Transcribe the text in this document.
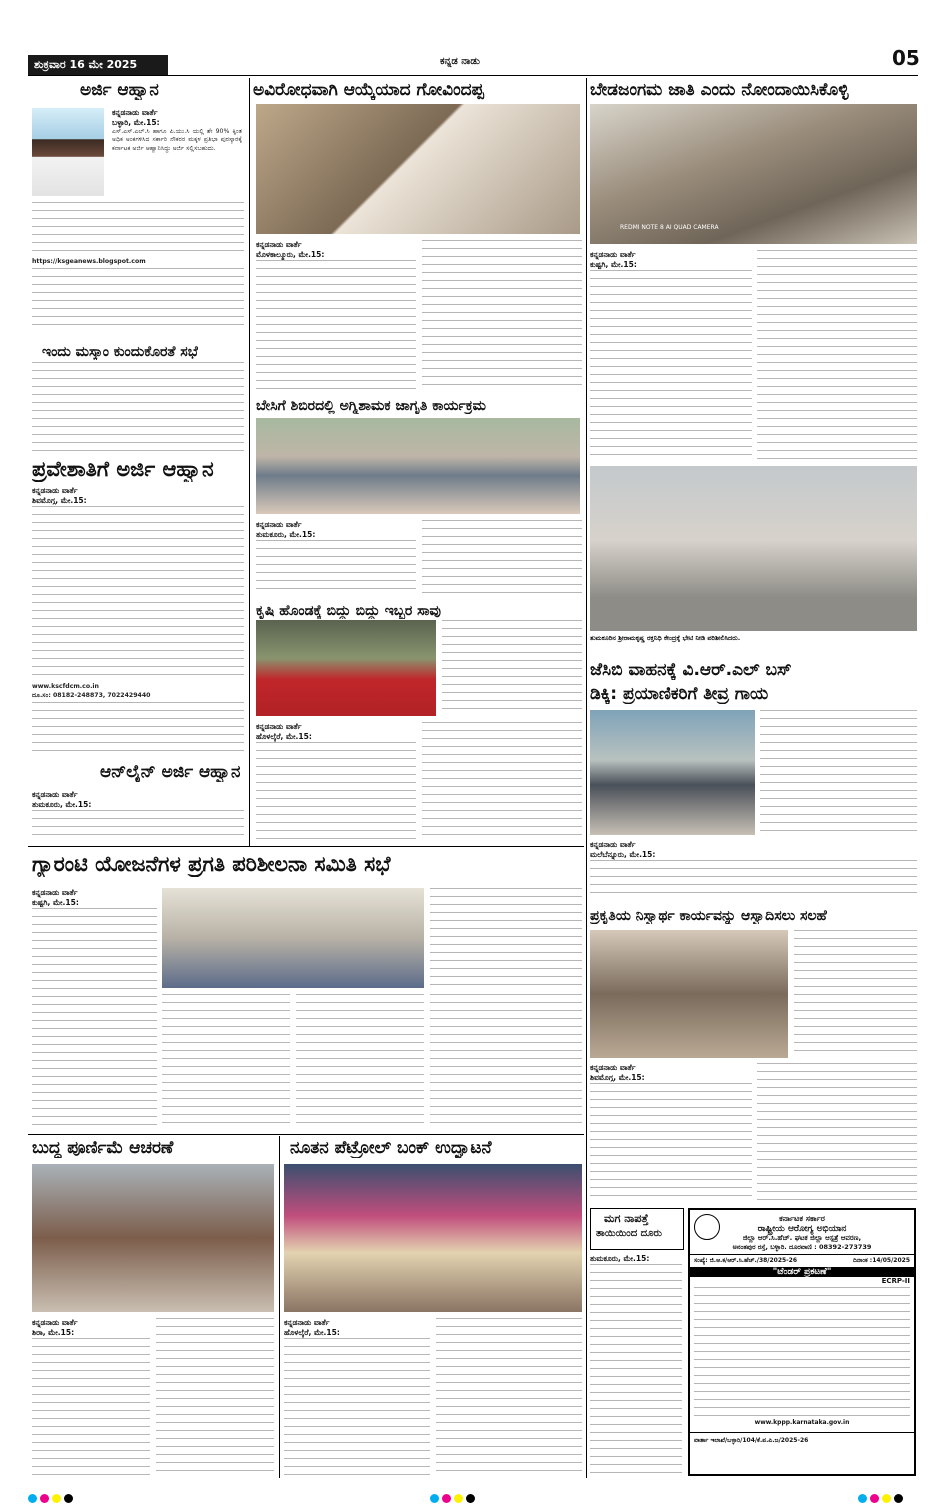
ಶುಕ್ರವಾರ 16 ಮೇ 2025	ಕನ್ನಡ ನಾಡು	05
ಅರ್ಜಿ ಆಹ್ವಾನ
ಕನ್ನಡನಾಡು ವಾರ್ತೆ
ಬಳ್ಳಾರಿ, ಮೇ.15:
ಎಸ್.ಎಸ್.ಎಲ್.ಸಿ ಹಾಗೂ ಪಿ.ಯು.ಸಿ ಯಲ್ಲಿ ಶೇ 90% ಕ್ಕಿಂತ ಅಧಿಕ ಅಂಕಗಳಿಸಿದ ಸರ್ಕಾರಿ ನೌಕರರ ಮಕ್ಕಳ ಪ್ರತಿಭಾ ಪುರಸ್ಕಾರಕ್ಕೆ ಕರ್ನಾಟಕ ಅರ್ಜಿ ಆಹ್ವಾನಿಸಿದ್ದು ಅರ್ಜಿ ಸಲ್ಲಿಸಬಹುದು.
https://ksgeanews.blogspot.com
ಇಂದು ಮಸ್ಕಾಂ ಕುಂದುಕೊರತೆ ಸಭೆ
ಪ್ರವೇಶಾತಿಗೆ ಅರ್ಜಿ ಆಹ್ವಾನ
ಕನ್ನಡನಾಡು ವಾರ್ತೆ
ಶಿವಮೊಗ್ಗ, ಮೇ.15:
www.kscfdcm.co.in
ದೂ.ಸಂ: 08182-248873, 7022429440
ಆನ್‌ಲೈನ್ ಅರ್ಜಿ ಆಹ್ವಾನ
ಕನ್ನಡನಾಡು ವಾರ್ತೆ
ತುಮಕೂರು, ಮೇ.15:
ಅವಿರೋಧವಾಗಿ ಆಯ್ಕೆಯಾದ ಗೋವಿಂದಪ್ಪ
ಕನ್ನಡನಾಡು ವಾರ್ತೆ
ಮೊಳಕಾಲ್ಮೂರು, ಮೇ.15:
ಬೇಡಜಂಗಮ ಜಾತಿ ಎಂದು ನೋಂದಾಯಿಸಿಕೊಳ್ಳಿ
REDMI NOTE 8 AI QUAD CAMERA
ಕನ್ನಡನಾಡು ವಾರ್ತೆ
ಕುಷ್ಟಗಿ, ಮೇ.15:
ಬೇಸಿಗೆ ಶಿಬಿರದಲ್ಲಿ ಅಗ್ನಿಶಾಮಕ ಜಾಗೃತಿ ಕಾರ್ಯಕ್ರಮ
ಕನ್ನಡನಾಡು ವಾರ್ತೆ
ತುಮಕೂರು, ಮೇ.15:
ತುಮಕೂರಿನ ಶ್ರೀರಾಮಕೃಷ್ಣ ರಕ್ತನಿಧಿ ಕೇಂದ್ರಕ್ಕೆ ಭೇಟಿ ನೀಡಿ ಪರಿಶೀಲಿಸಿದರು.
ಕೃಷಿ ಹೊಂಡಕ್ಕೆ ಬಿದ್ದು ಬಿದ್ದು ಇಬ್ಬರ ಸಾವು
ಕನ್ನಡನಾಡು ವಾರ್ತೆ
ಹೊಳಲ್ಕೆರೆ, ಮೇ.15:
ಜೆಸಿಬಿ ವಾಹನಕ್ಕೆ ವಿ.ಆರ್.ಎಲ್ ಬಸ್
ಡಿಕ್ಕಿ: ಪ್ರಯಾಣಿಕರಿಗೆ ತೀವ್ರ ಗಾಯ
ಕನ್ನಡನಾಡು ವಾರ್ತೆ
ಮಲೆಬೆನ್ನೂರು, ಮೇ.15:
ಗ್ಯಾರಂಟಿ ಯೋಜನೆಗಳ ಪ್ರಗತಿ ಪರಿಶೀಲನಾ ಸಮಿತಿ ಸಭೆ
ಕನ್ನಡನಾಡು ವಾರ್ತೆ
ಕುಷ್ಟಗಿ, ಮೇ.15:
ಪ್ರಕೃತಿಯ ನಿಸ್ವಾರ್ಥ ಕಾರ್ಯವನ್ನು ಆಸ್ವಾದಿಸಲು ಸಲಹೆ
ಕನ್ನಡನಾಡು ವಾರ್ತೆ
ಶಿವಮೊಗ್ಗ, ಮೇ.15:
ಬುದ್ಧ ಪೂರ್ಣಿಮೆ ಆಚರಣೆ
ಕನ್ನಡನಾಡು ವಾರ್ತೆ
ಶಿರಾ, ಮೇ.15:
ನೂತನ ಪೆಟ್ರೋಲ್ ಬಂಕ್ ಉದ್ಘಾಟನೆ
ಕನ್ನಡನಾಡು ವಾರ್ತೆ
ಹೊಳಲ್ಕೆರೆ, ಮೇ.15:
ಮಗ ನಾಪತ್ತೆ
ತಾಯಿಯಿಂದ ದೂರು
ತುಮಕೂರು, ಮೇ.15:
ಕರ್ನಾಟಕ ಸರ್ಕಾರ
ರಾಷ್ಟ್ರೀಯ ಆರೋಗ್ಯ ಅಭಿಯಾನ
ಜಿಲ್ಲಾ ಆರ್.ಸಿ.ಹೆಚ್. ಘಟಕ ಜಿಲ್ಲಾ ಆಸ್ಪತ್ರೆ ಆವರಣ,
ಅನಂತಪುರ ರಸ್ತೆ, ಬಳ್ಳಾರಿ. ದೂರವಾಣಿ : 08392-273739
ಸಂಖ್ಯೆ: ಜಿ.ಆ.ಕ/ಆರ್.ಸಿ.ಹೆಚ್./38/2025-26	ದಿನಾಂಕ :14/05/2025
"ಟೆಂಡರ್ ಪ್ರಕಟಣೆ"
ECRP-II
www.kppp.karnataka.gov.in
ವಾರ್ತಾ ಇಲಾಖೆ/ಬಳ್ಳಾರಿ/104/ಕೆ.ಪ.ಪಿ.ಜ/2025-26
